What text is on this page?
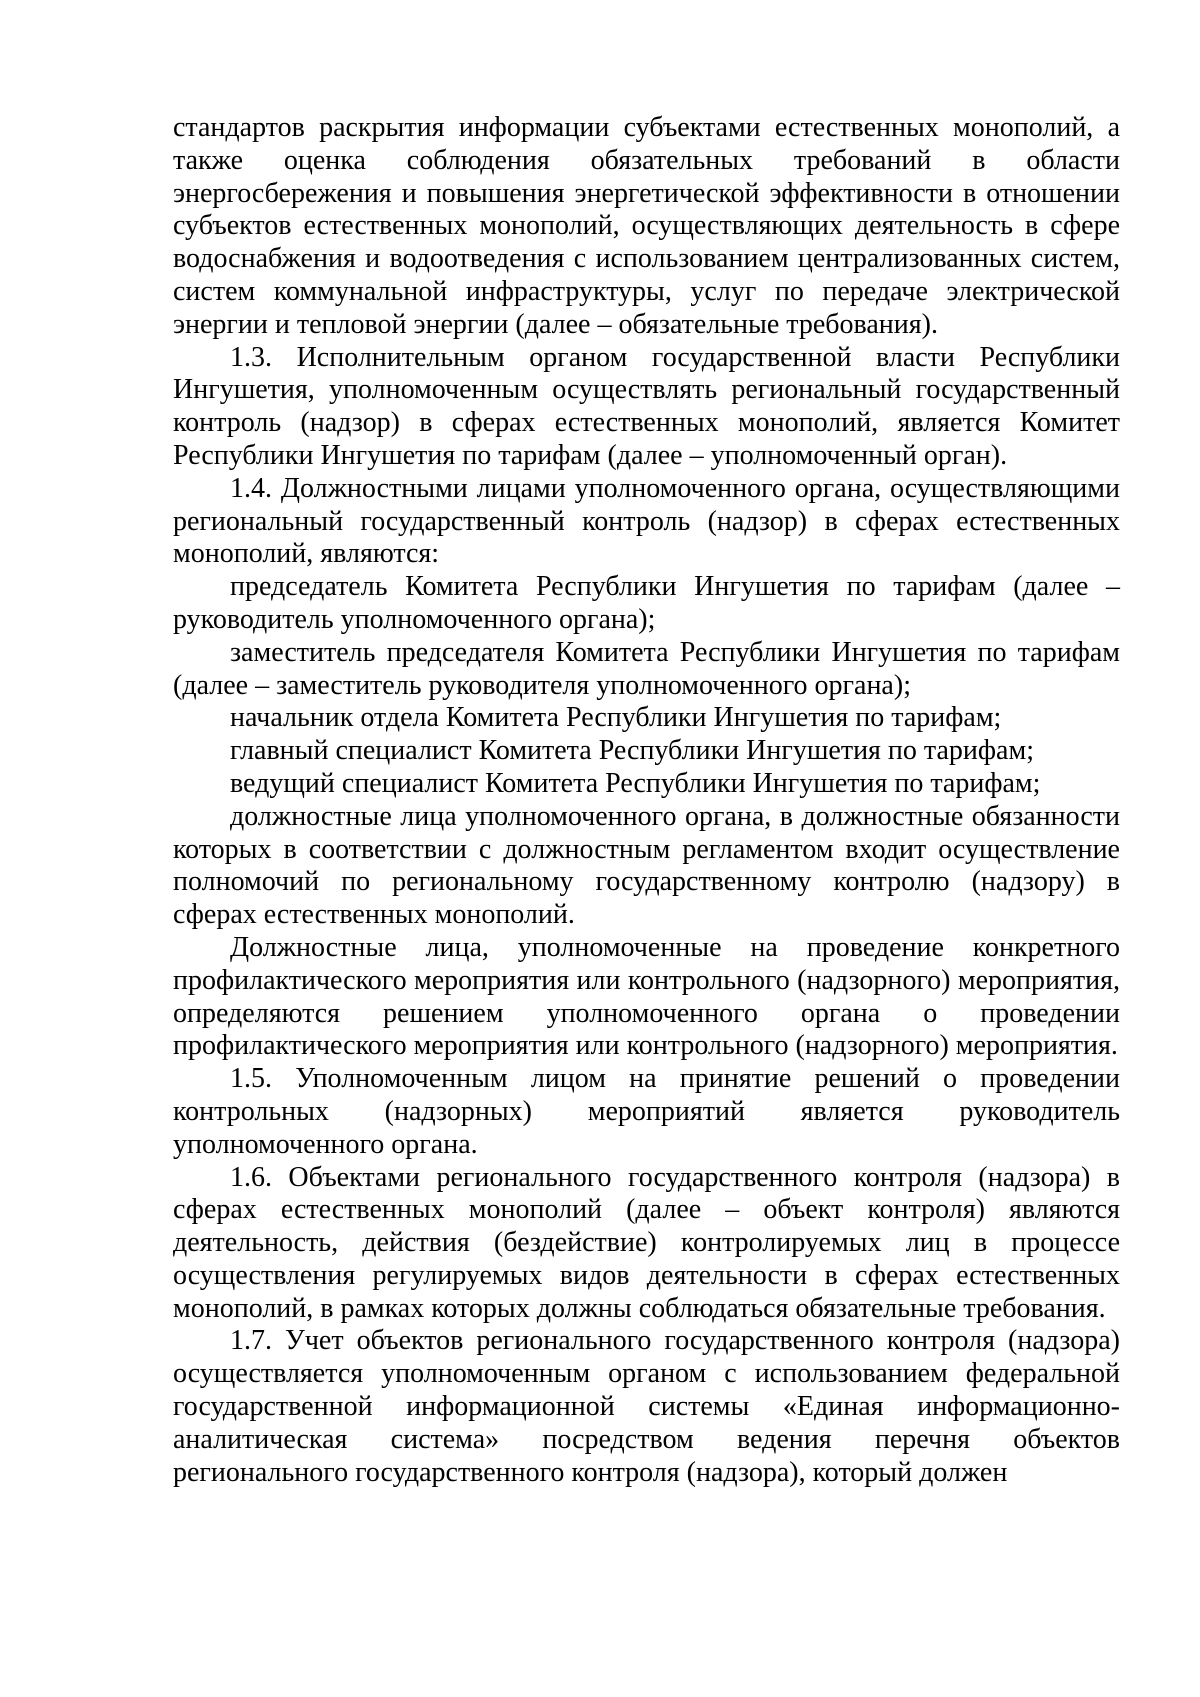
стандартов раскрытия информации субъектами естественных монополий, а также оценка соблюдения обязательных требований в области энергосбережения и повышения энергетической эффективности в отношении субъектов естественных монополий, осуществляющих деятельность в сфере водоснабжения и водоотведения с использованием централизованных систем, систем коммунальной инфраструктуры, услуг по передаче электрической энергии и тепловой энергии (далее – обязательные требования).

1.3. Исполнительным органом государственной власти Республики Ингушетия, уполномоченным осуществлять региональный государственный контроль (надзор) в сферах естественных монополий, является Комитет Республики Ингушетия по тарифам (далее – уполномоченный орган).

1.4. Должностными лицами уполномоченного органа, осуществляющими региональный государственный контроль (надзор) в сферах естественных монополий, являются:

председатель Комитета Республики Ингушетия по тарифам (далее – руководитель уполномоченного органа);

заместитель председателя Комитета Республики Ингушетия по тарифам (далее – заместитель руководителя уполномоченного органа);

начальник отдела Комитета Республики Ингушетия по тарифам;

главный специалист Комитета Республики Ингушетия по тарифам;

ведущий специалист Комитета Республики Ингушетия по тарифам;

должностные лица уполномоченного органа, в должностные обязанности которых в соответствии с должностным регламентом входит осуществление полномочий по региональному государственному контролю (надзору) в сферах естественных монополий.

Должностные лица, уполномоченные на проведение конкретного профилактического мероприятия или контрольного (надзорного) мероприятия, определяются решением уполномоченного органа о проведении профилактического мероприятия или контрольного (надзорного) мероприятия.

1.5. Уполномоченным лицом на принятие решений о проведении контрольных (надзорных) мероприятий является руководитель уполномоченного органа.

1.6. Объектами регионального государственного контроля (надзора) в сферах естественных монополий (далее – объект контроля) являются деятельность, действия (бездействие) контролируемых лиц в процессе осуществления регулируемых видов деятельности в сферах естественных монополий, в рамках которых должны соблюдаться обязательные требования.

1.7. Учет объектов регионального государственного контроля (надзора) осуществляется уполномоченным органом с использованием федеральной государственной информационной системы «Единая информационно-аналитическая система» посредством ведения перечня объектов регионального государственного контроля (надзора), который должен
